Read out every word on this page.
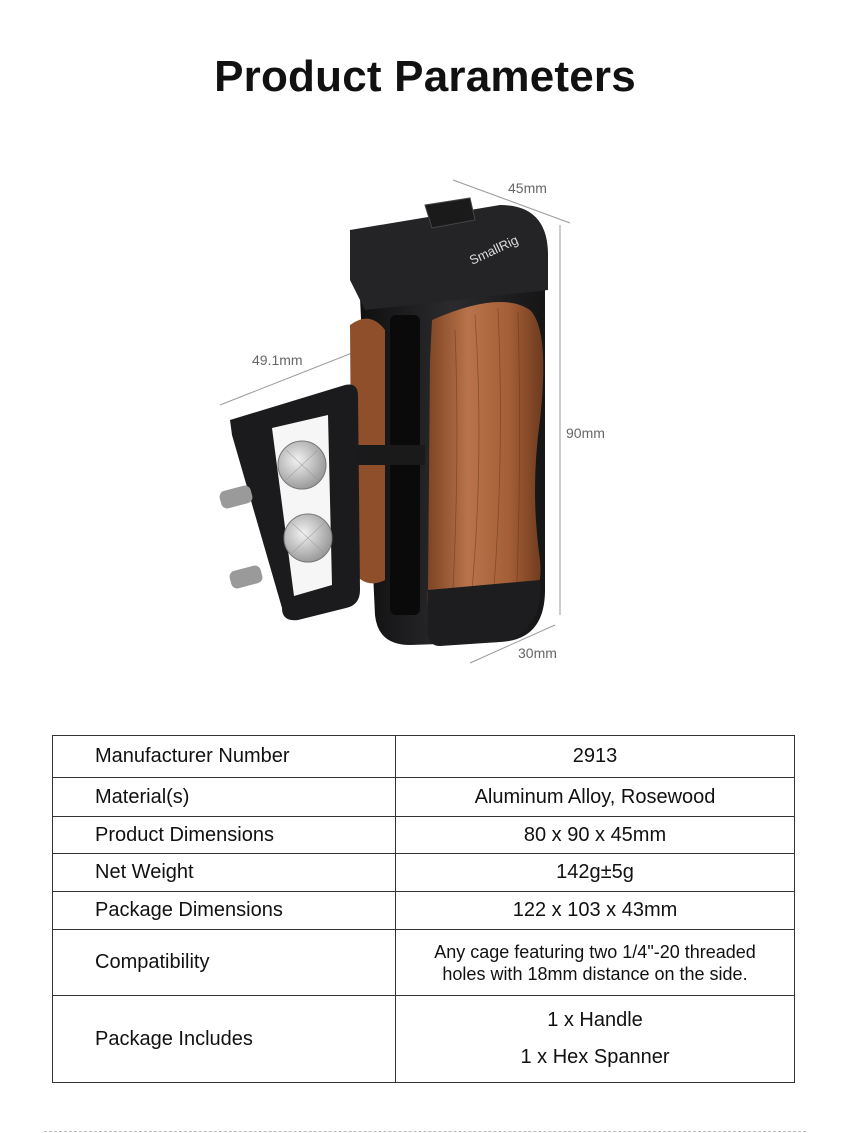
Product Parameters
45mm
49.1mm
90mm
30mm
SmallRig
Manufacturer Number	2913
Material(s)	Aluminum Alloy, Rosewood
Product Dimensions	80 x 90 x 45mm
Net Weight	142g±5g
Package Dimensions	122 x 103 x 43mm
Compatibility	Any cage featuring two 1/4"-20 threaded
holes with 18mm distance on the side.

Package Includes	1 x Handle
1 x Hex Spanner
